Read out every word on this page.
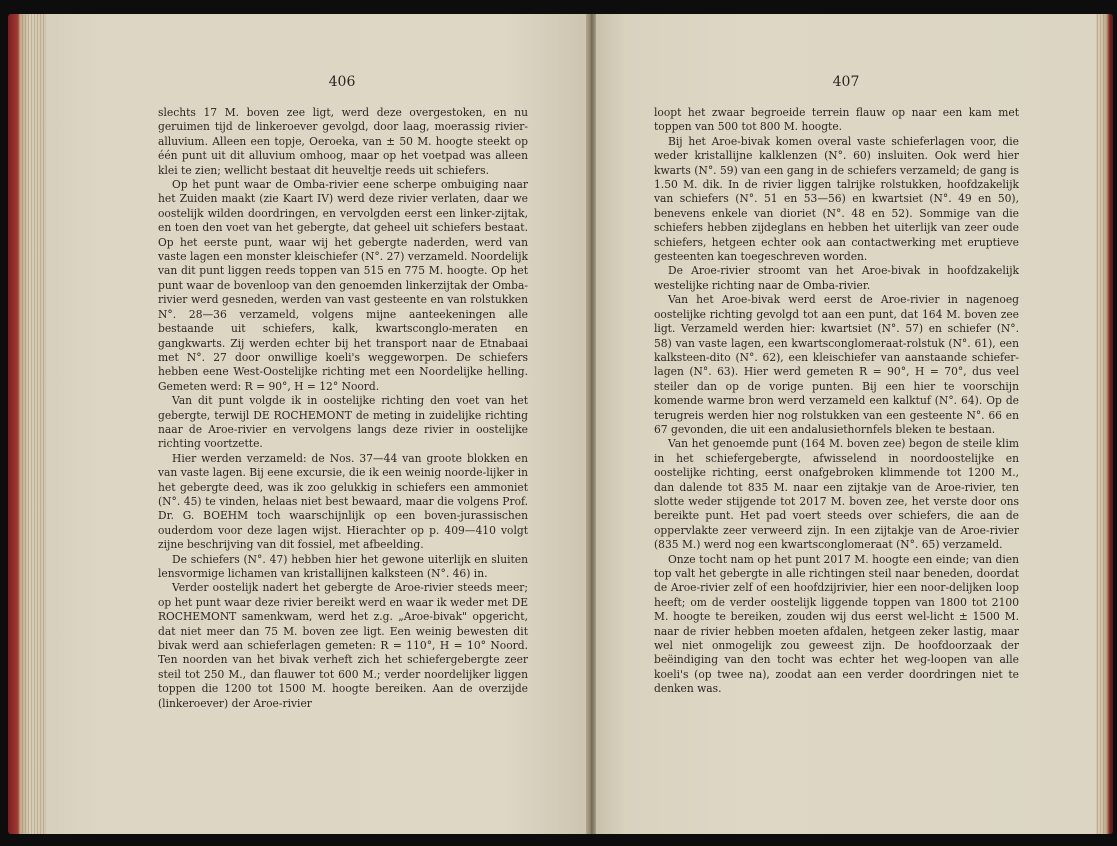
406

slechts 17 M. boven zee ligt, werd deze overgestoken, en nu geruimen tijd de linkeroever gevolgd, door laag, moerassig rivier-alluvium. Alleen een topje, Oeroeka, van ± 50 M. hoogte steekt op één punt uit dit alluvium omhoog, maar op het voetpad was alleen klei te zien; wellicht bestaat dit heuveltje reeds uit schiefers.

Op het punt waar de Omba-rivier eene scherpe ombuiging naar het Zuiden maakt (zie Kaart IV) werd deze rivier verlaten, daar we oostelijk wilden doordringen, en vervolgden eerst een linker-zijtak, en toen den voet van het gebergte, dat geheel uit schiefers bestaat. Op het eerste punt, waar wij het gebergte naderden, werd van vaste lagen een monster kleischiefer (N°. 27) verzameld. Noordelijk van dit punt liggen reeds toppen van 515 en 775 M. hoogte. Op het punt waar de bovenloop van den genoemden linkerzijtak der Omba-rivier werd gesneden, werden van vast gesteente en van rolstukken N°. 28—36 verzameld, volgens mijne aanteekeningen alle bestaande uit schiefers, kalk, kwartsconglo-meraten en gangkwarts. Zij werden echter bij het transport naar de Etnabaai met N°. 27 door onwillige koeli's weggeworpen. De schiefers hebben eene West-Oostelijke richting met een Noordelijke helling. Gemeten werd: R = 90°, H = 12° Noord.

Van dit punt volgde ik in oostelijke richting den voet van het gebergte, terwijl DE ROCHEMONT de meting in zuidelijke richting naar de Aroe-rivier en vervolgens langs deze rivier in oostelijke richting voortzette.

Hier werden verzameld: de Nos. 37—44 van groote blokken en van vaste lagen. Bij eene excursie, die ik een weinig noorde-lijker in het gebergte deed, was ik zoo gelukkig in schiefers een ammoniet (N°. 45) te vinden, helaas niet best bewaard, maar die volgens Prof. Dr. G. BOEHM toch waarschijnlijk op een boven-jurassischen ouderdom voor deze lagen wijst. Hierachter op p. 409—410 volgt zijne beschrijving van dit fossiel, met afbeelding.

De schiefers (N°. 47) hebben hier het gewone uiterlijk en sluiten lensvormige lichamen van kristallijnen kalksteen (N°. 46) in.

Verder oostelijk nadert het gebergte de Aroe-rivier steeds meer; op het punt waar deze rivier bereikt werd en waar ik weder met DE ROCHEMONT samenkwam, werd het z.g. „Aroe-bivak" opgericht, dat niet meer dan 75 M. boven zee ligt. Een weinig bewesten dit bivak werd aan schieferlagen gemeten: R = 110°, H = 10° Noord. Ten noorden van het bivak verheft zich het schiefergebergte zeer steil tot 250 M., dan flauwer tot 600 M.; verder noordelijker liggen toppen die 1200 tot 1500 M. hoogte bereiken. Aan de overzijde (linkeroever) der Aroe-rivier

407

loopt het zwaar begroeide terrein flauw op naar een kam met toppen van 500 tot 800 M. hoogte.

Bij het Aroe-bivak komen overal vaste schieferlagen voor, die weder kristallijne kalklenzen (N°. 60) insluiten. Ook werd hier kwarts (N°. 59) van een gang in de schiefers verzameld; de gang is 1.50 M. dik. In de rivier liggen talrijke rolstukken, hoofdzakelijk van schiefers (N°. 51 en 53—56) en kwartsiet (N°. 49 en 50), benevens enkele van dioriet (N°. 48 en 52). Sommige van die schiefers hebben zijdeglans en hebben het uiterlijk van zeer oude schiefers, hetgeen echter ook aan contactwerking met eruptieve gesteenten kan toegeschreven worden.

De Aroe-rivier stroomt van het Aroe-bivak in hoofdzakelijk westelijke richting naar de Omba-rivier.

Van het Aroe-bivak werd eerst de Aroe-rivier in nagenoeg oostelijke richting gevolgd tot aan een punt, dat 164 M. boven zee ligt. Verzameld werden hier: kwartsiet (N°. 57) en schiefer (N°. 58) van vaste lagen, een kwartsconglomeraat-rolstuk (N°. 61), een kalksteen-dito (N°. 62), een kleischiefer van aanstaande schiefer-lagen (N°. 63). Hier werd gemeten R = 90°, H = 70°, dus veel steiler dan op de vorige punten. Bij een hier te voorschijn komende warme bron werd verzameld een kalktuf (N°. 64). Op de terugreis werden hier nog rolstukken van een gesteente N°. 66 en 67 gevonden, die uit een andalusiethornfels bleken te bestaan.

Van het genoemde punt (164 M. boven zee) begon de steile klim in het schiefergebergte, afwisselend in noordoostelijke en oostelijke richting, eerst onafgebroken klimmende tot 1200 M., dan dalende tot 835 M. naar een zijtakje van de Aroe-rivier, ten slotte weder stijgende tot 2017 M. boven zee, het verste door ons bereikte punt. Het pad voert steeds over schiefers, die aan de oppervlakte zeer verweerd zijn. In een zijtakje van de Aroe-rivier (835 M.) werd nog een kwartsconglomeraat (N°. 65) verzameld.

Onze tocht nam op het punt 2017 M. hoogte een einde; van dien top valt het gebergte in alle richtingen steil naar beneden, doordat de Aroe-rivier zelf of een hoofdzijrivier, hier een noor-delijken loop heeft; om de verder oostelijk liggende toppen van 1800 tot 2100 M. hoogte te bereiken, zouden wij dus eerst wel-licht ± 1500 M. naar de rivier hebben moeten afdalen, hetgeen zeker lastig, maar wel niet onmogelijk zou geweest zijn. De hoofdoorzaak der beëindiging van den tocht was echter het weg-loopen van alle koeli's (op twee na), zoodat aan een verder doordringen niet te denken was.
